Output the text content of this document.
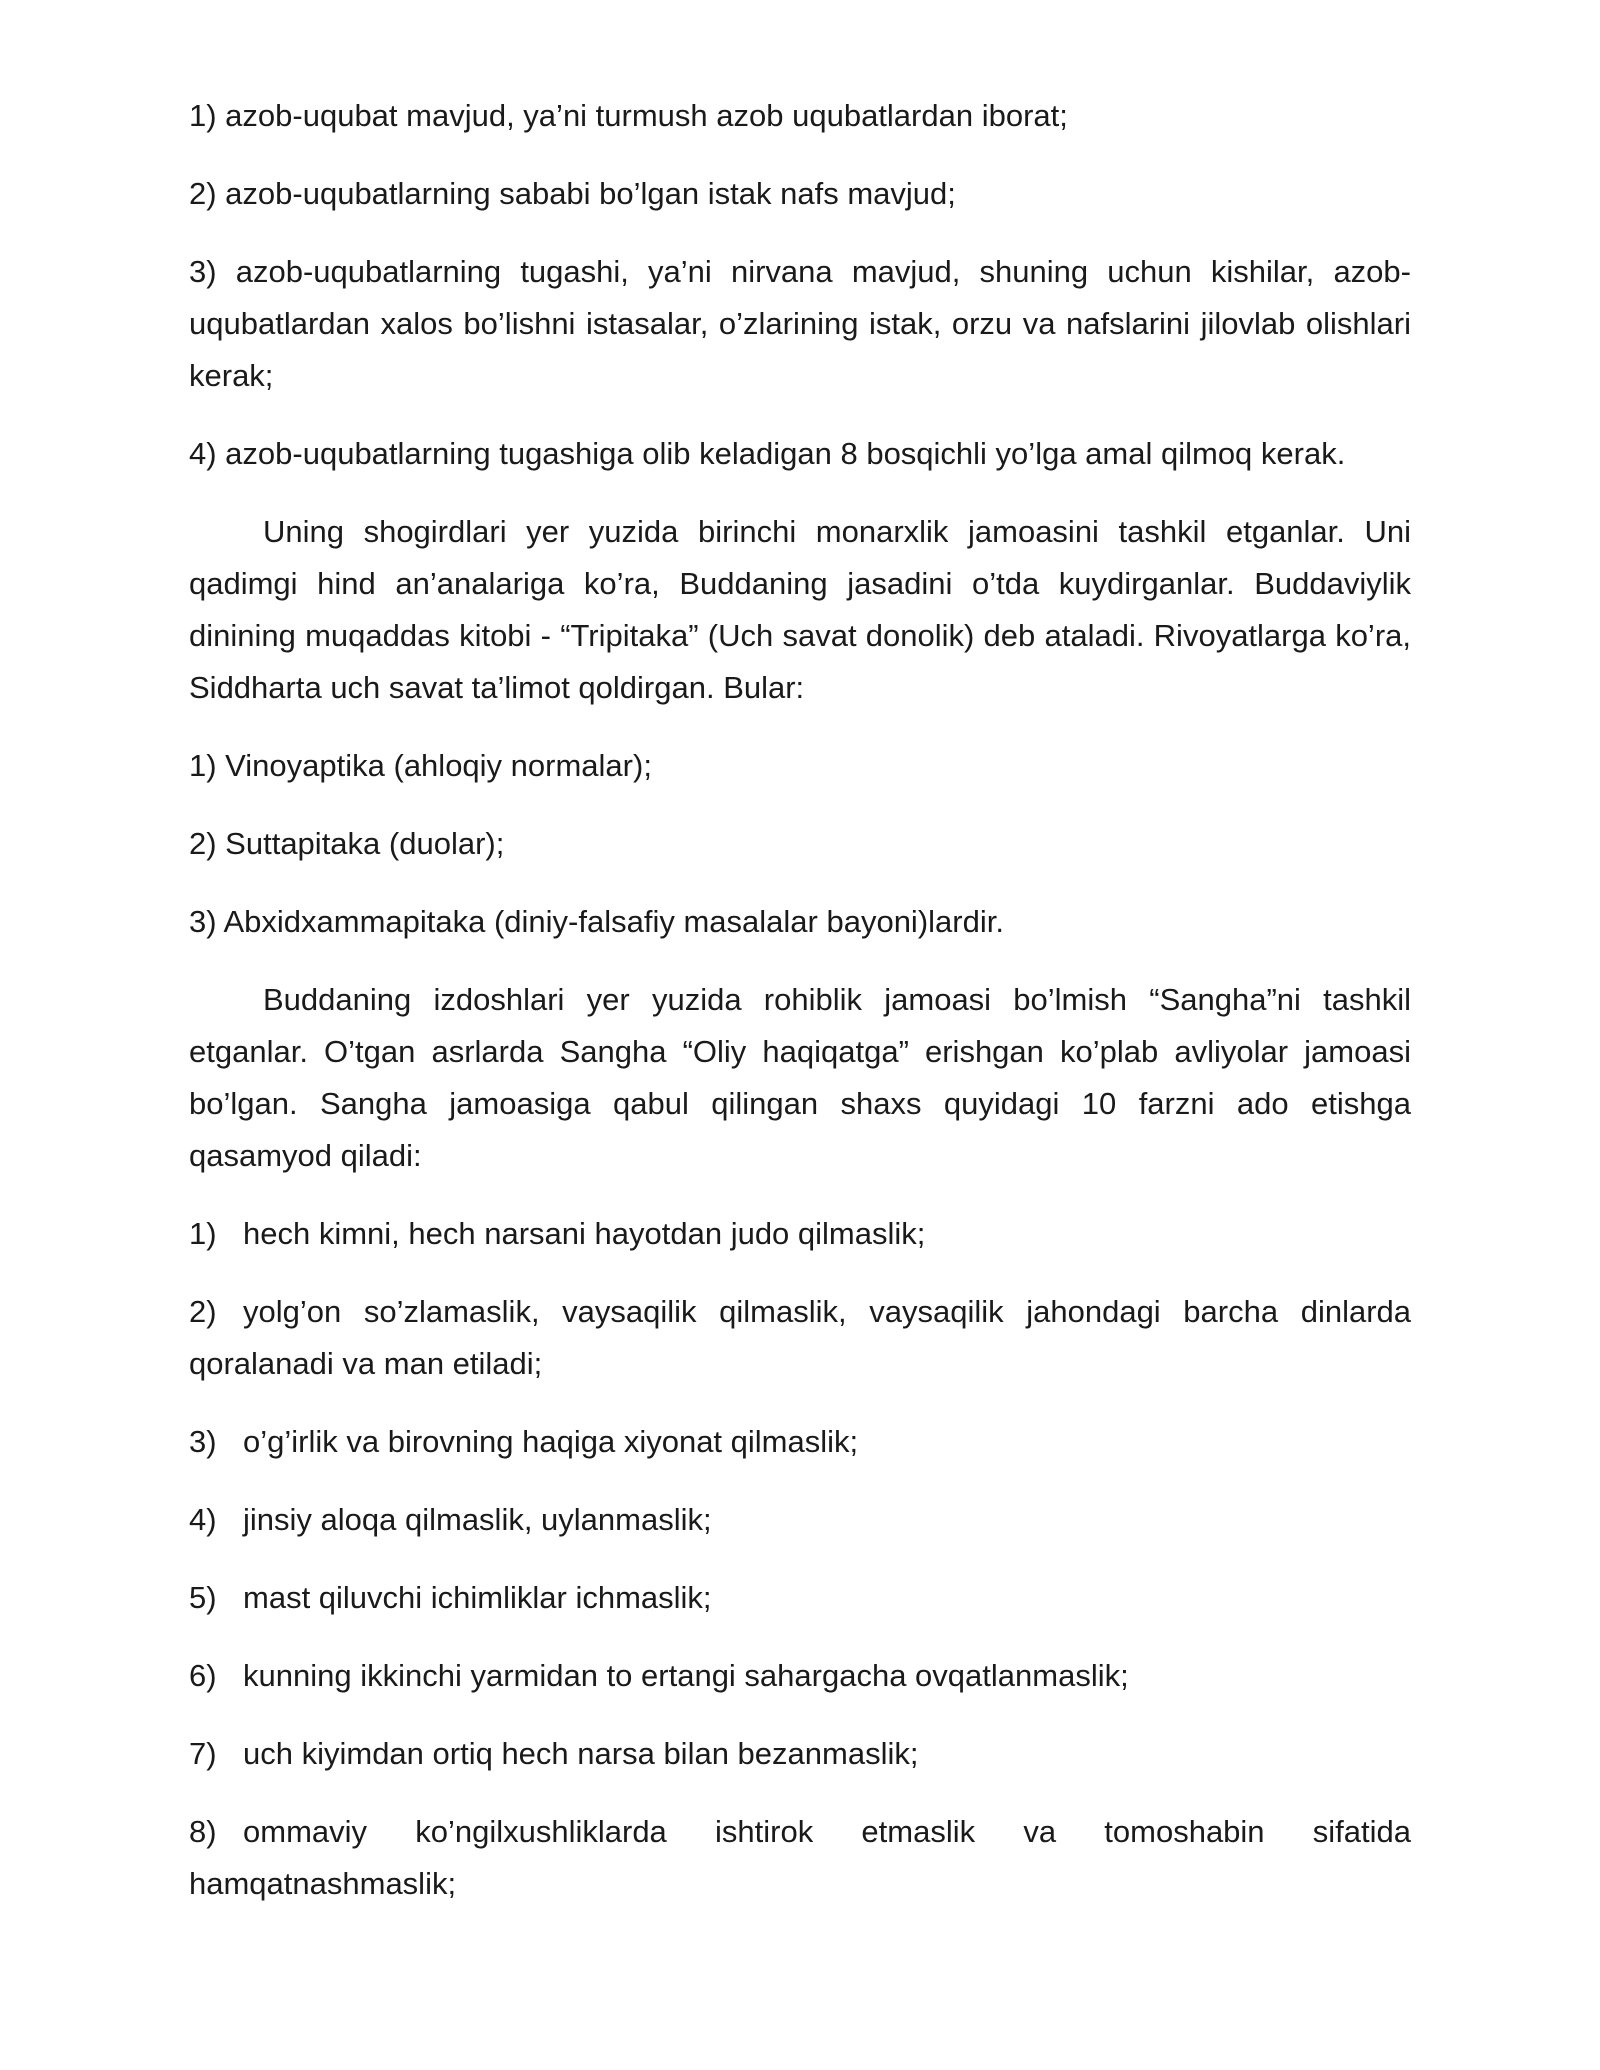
1) azob-uqubat mavjud, ya’ni turmush azob uqubatlardan iborat;

2) azob-uqubatlarning sababi bo’lgan istak nafs mavjud;

3) azob-uqubatlarning tugashi, ya’ni nirvana mavjud, shuning uchun kishilar, azob-uqubatlardan xalos bo’lishni istasalar, o’zlarining istak, orzu va nafslarini jilovlab olishlari kerak;

4) azob-uqubatlarning tugashiga olib keladigan 8 bosqichli yo’lga amal qilmoq kerak.

Uning shogirdlari yer yuzida birinchi monarxlik jamoasini tashkil etganlar. Uni qadimgi hind an’analariga ko’ra, Buddaning jasadini o’tda kuydirganlar. Buddaviylik dinining muqaddas kitobi - “Tripitaka” (Uch savat donolik) deb ataladi. Rivoyatlarga ko’ra, Siddharta uch savat ta’limot qoldirgan. Bular:

1) Vinoyaptika (ahloqiy normalar);

2) Suttapitaka (duolar);

3) Abxidxammapitaka (diniy-falsafiy masalalar bayoni)lardir.

Buddaning izdoshlari yer yuzida rohiblik jamoasi bo’lmish “Sangha”ni tashkil etganlar. O’tgan asrlarda Sangha “Oliy haqiqatga” erishgan ko’plab avliyolar jamoasi bo’lgan. Sangha jamoasiga qabul qilingan shaxs quyidagi 10 farzni ado etishga qasamyod qiladi:

1) hech kimni, hech narsani hayotdan judo qilmaslik;

2) yolg’on so’zlamaslik, vaysaqilik qilmaslik, vaysaqilik jahondagi barcha dinlarda qoralanadi va man etiladi;

3) o’g’irlik va birovning haqiga xiyonat qilmaslik;

4) jinsiy aloqa qilmaslik, uylanmaslik;

5) mast qiluvchi ichimliklar ichmaslik;

6) kunning ikkinchi yarmidan to ertangi sahargacha ovqatlanmaslik;

7) uch kiyimdan ortiq hech narsa bilan bezanmaslik;

8) ommaviy ko’ngilxushliklarda ishtirok etmaslik va tomoshabin sifatida hamqatnashmaslik;
